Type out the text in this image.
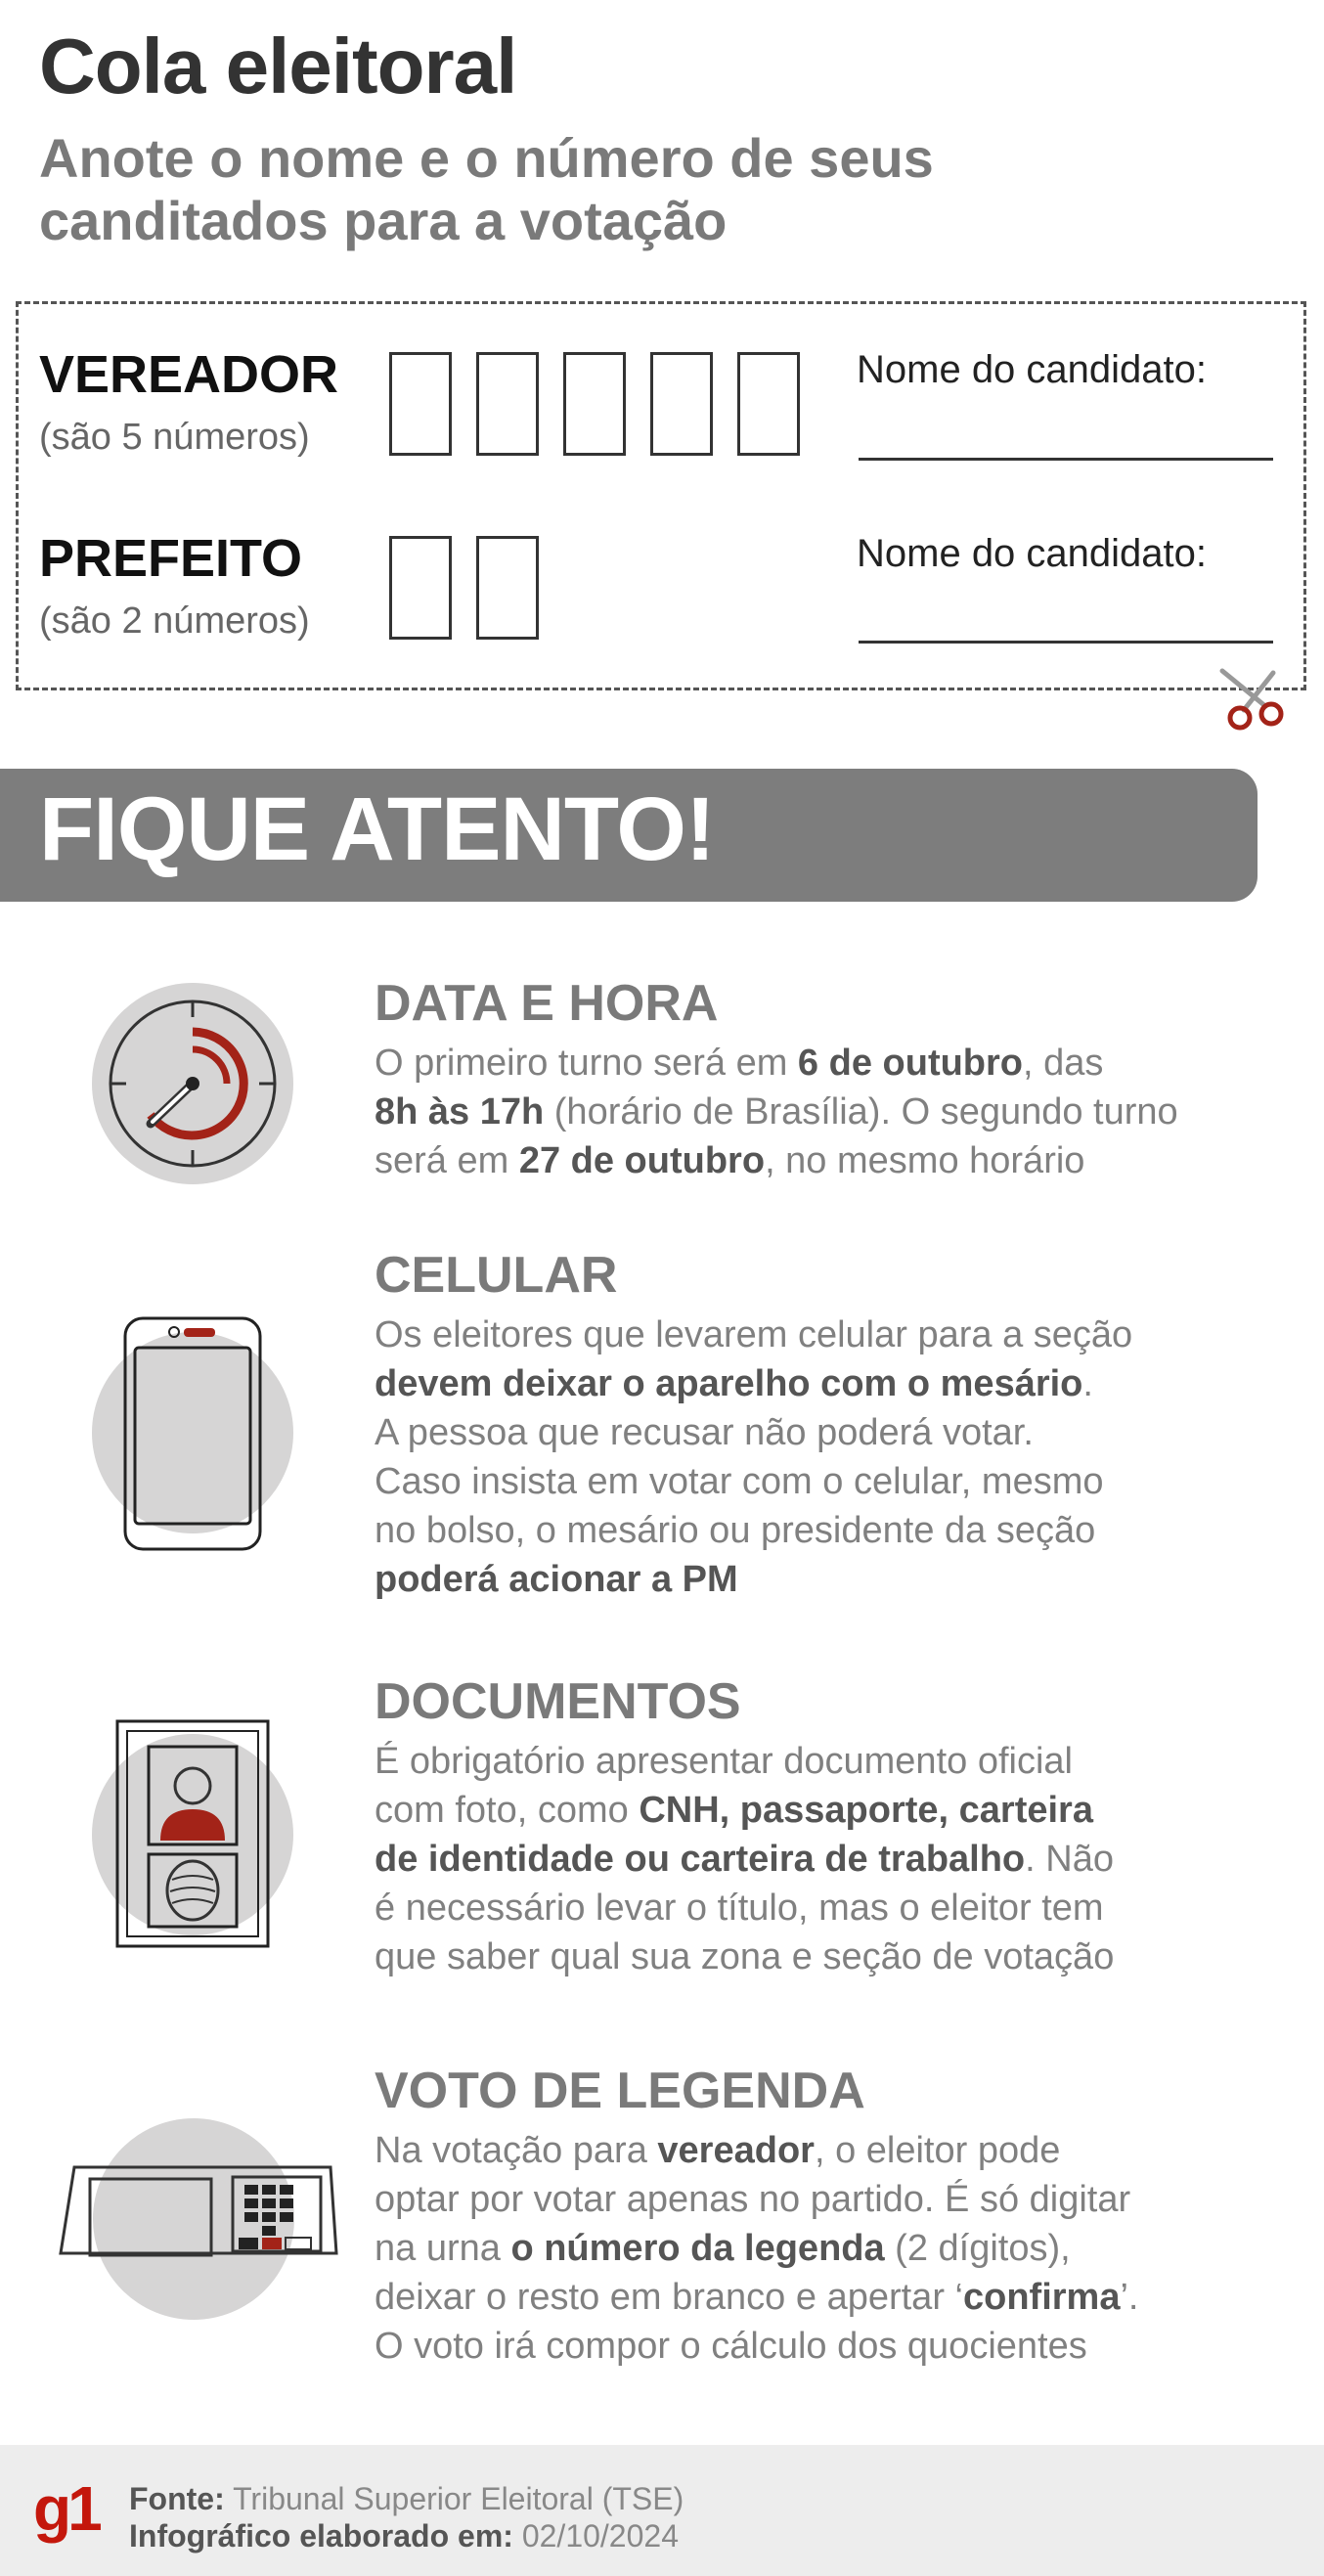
Cola eleitoral
Anote o nome e o número de seus canditados para a votação
VEREADOR
(são 5 números)
Nome do candidato:
PREFEITO
(são 2 números)
Nome do candidato:
FIQUE ATENTO!
DATA E HORA
O primeiro turno será em 6 de outubro, das
8h às 17h (horário de Brasília). O segundo turno
será em 27 de outubro, no mesmo horário
CELULAR
Os eleitores que levarem celular para a seção
devem deixar o aparelho com o mesário.
A pessoa que recusar não poderá votar.
Caso insista em votar com o celular, mesmo
no bolso, o mesário ou presidente da seção
poderá acionar a PM
DOCUMENTOS
É obrigatório apresentar documento oficial
com foto, como CNH, passaporte, carteira
de identidade ou carteira de trabalho. Não
é necessário levar o título, mas o eleitor tem
que saber qual sua zona e seção de votação
VOTO DE LEGENDA
Na votação para vereador, o eleitor pode
optar por votar apenas no partido. É só digitar
na urna o número da legenda (2 dígitos),
deixar o resto em branco e apertar ‘confirma’.
O voto irá compor o cálculo dos quocientes
g1 Fonte: Tribunal Superior Eleitoral (TSE)
Infográfico elaborado em: 02/10/2024
